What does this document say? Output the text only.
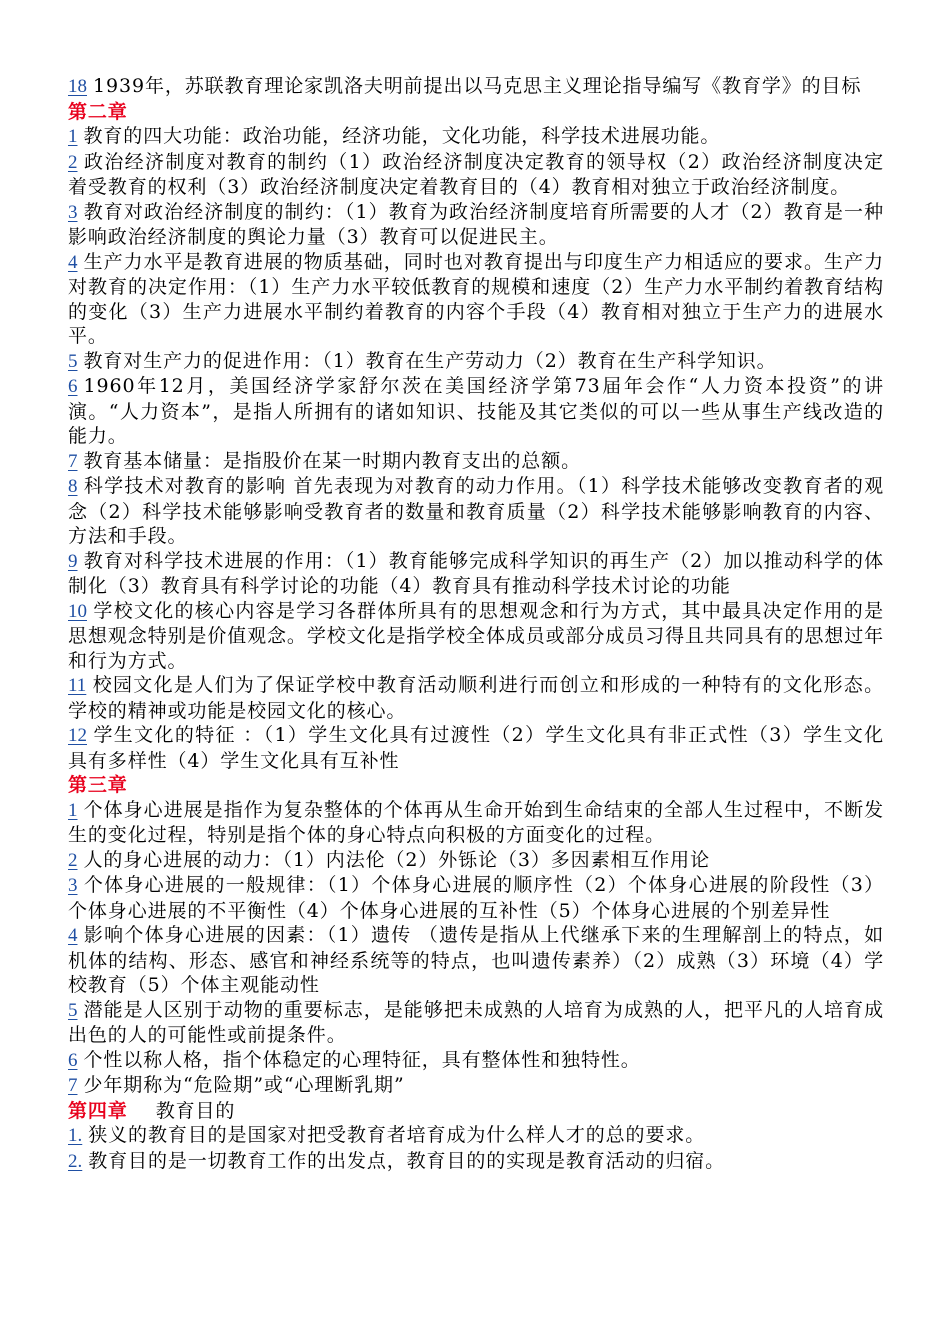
18 1939年，苏联教育理论家凯洛夫明前提出以马克思主义理论指导编写《教育学》的目标

第二章

1 教育的四大功能：政治功能，经济功能，文化功能，科学技术进展功能。

2 政治经济制度对教育的制约（1）政治经济制度决定教育的领导权（2）政治经济制度决定着受教育的权利（3）政治经济制度决定着教育目的（4）教育相对独立于政治经济制度。

3 教育对政治经济制度的制约：（1）教育为政治经济制度培育所需要的人才（2）教育是一种影响政治经济制度的舆论力量（3）教育可以促进民主。

4 生产力水平是教育进展的物质基础，同时也对教育提出与印度生产力相适应的要求。生产力对教育的决定作用：（1）生产力水平较低教育的规模和速度（2）生产力水平制约着教育结构的变化（3）生产力进展水平制约着教育的内容个手段（4）教育相对独立于生产力的进展水平。

5 教育对生产力的促进作用：（1）教育在生产劳动力（2）教育在生产科学知识。

6 1960年12月，美国经济学家舒尔茨在美国经济学第73届年会作“人力资本投资”的讲演。“人力资本”，是指人所拥有的诸如知识、技能及其它类似的可以一些从事生产线改造的能力。

7 教育基本储量：是指股价在某一时期内教育支出的总额。

8 科学技术对教育的影响 首先表现为对教育的动力作用。（1）科学技术能够改变教育者的观念（2）科学技术能够影响受教育者的数量和教育质量（2）科学技术能够影响教育的内容、方法和手段。

9 教育对科学技术进展的作用：（1）教育能够完成科学知识的再生产（2）加以推动科学的体制化（3）教育具有科学讨论的功能（4）教育具有推动科学技术讨论的功能

10 学校文化的核心内容是学习各群体所具有的思想观念和行为方式，其中最具决定作用的是思想观念特别是价值观念。学校文化是指学校全体成员或部分成员习得且共同具有的思想过年和行为方式。

11 校园文化是人们为了保证学校中教育活动顺利进行而创立和形成的一种特有的文化形态。学校的精神或功能是校园文化的核心。

12 学生文化的特征 ：（1）学生文化具有过渡性（2）学生文化具有非正式性（3）学生文化具有多样性（4）学生文化具有互补性

第三章

1 个体身心进展是指作为复杂整体的个体再从生命开始到生命结束的全部人生过程中，不断发生的变化过程，特别是指个体的身心特点向积极的方面变化的过程。

2 人的身心进展的动力：（1）内法伦（2）外铄论（3）多因素相互作用论

3 个体身心进展的一般规律：（1）个体身心进展的顺序性（2）个体身心进展的阶段性（3）个体身心进展的不平衡性（4）个体身心进展的互补性（5）个体身心进展的个别差异性

4 影响个体身心进展的因素：（1）遗传 （遗传是指从上代继承下来的生理解剖上的特点，如机体的结构、形态、感官和神经系统等的特点，也叫遗传素养）（2）成熟（3）环境（4）学校教育（5）个体主观能动性

5 潜能是人区别于动物的重要标志，是能够把未成熟的人培育为成熟的人，把平凡的人培育成出色的人的可能性或前提条件。

6 个性以称人格，指个体稳定的心理特征，具有整体性和独特性。

7 少年期称为“危险期”或“心理断乳期”

第四章 教育目的

1. 狭义的教育目的是国家对把受教育者培育成为什么样人才的总的要求。

2. 教育目的是一切教育工作的出发点，教育目的的实现是教育活动的归宿。
